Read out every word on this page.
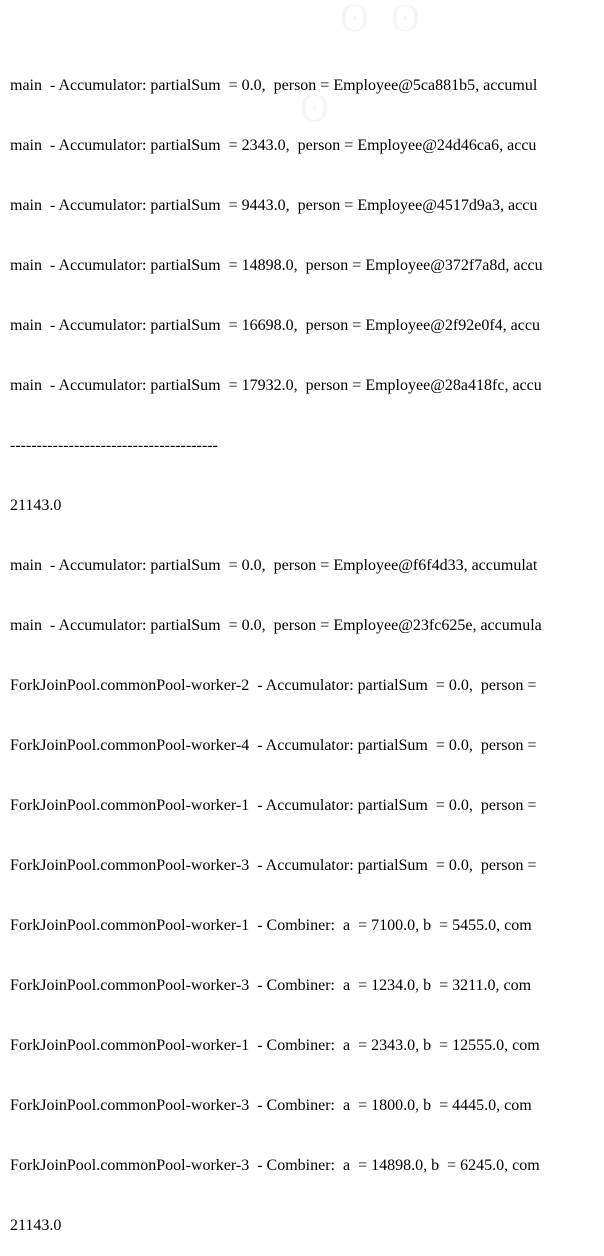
main  - Accumulator: partialSum  = 0.0,  person = Employee@5ca881b5, accumul

main  - Accumulator: partialSum  = 2343.0,  person = Employee@24d46ca6, accu

main  - Accumulator: partialSum  = 9443.0,  person = Employee@4517d9a3, accu

main  - Accumulator: partialSum  = 14898.0,  person = Employee@372f7a8d, accu

main  - Accumulator: partialSum  = 16698.0,  person = Employee@2f92e0f4, accu

main  - Accumulator: partialSum  = 17932.0,  person = Employee@28a418fc, accu

---------------------------------------

21143.0

main  - Accumulator: partialSum  = 0.0,  person = Employee@f6f4d33, accumulat

main  - Accumulator: partialSum  = 0.0,  person = Employee@23fc625e, accumula

ForkJoinPool.commonPool-worker-2  - Accumulator: partialSum  = 0.0,  person =

ForkJoinPool.commonPool-worker-4  - Accumulator: partialSum  = 0.0,  person =

ForkJoinPool.commonPool-worker-1  - Accumulator: partialSum  = 0.0,  person =

ForkJoinPool.commonPool-worker-3  - Accumulator: partialSum  = 0.0,  person =

ForkJoinPool.commonPool-worker-1  - Combiner:  a  = 7100.0, b  = 5455.0, com

ForkJoinPool.commonPool-worker-3  - Combiner:  a  = 1234.0, b  = 3211.0, com

ForkJoinPool.commonPool-worker-1  - Combiner:  a  = 2343.0, b  = 12555.0, com

ForkJoinPool.commonPool-worker-3  - Combiner:  a  = 1800.0, b  = 4445.0, com

ForkJoinPool.commonPool-worker-3  - Combiner:  a  = 14898.0, b  = 6245.0, com

21143.0
